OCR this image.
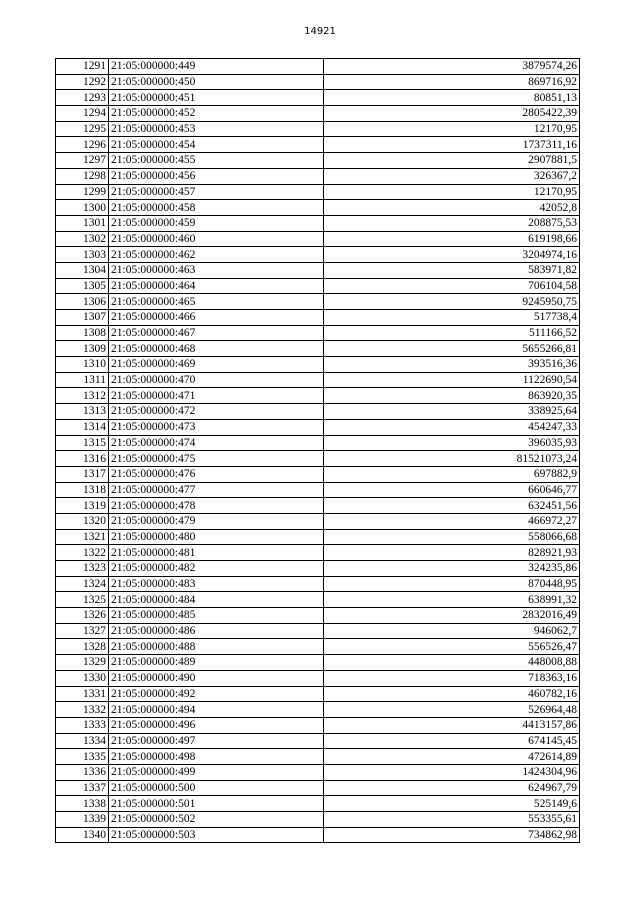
14921
1291	21:05:000000:449	3879574,26
1292	21:05:000000:450	869716,92
1293	21:05:000000:451	80851,13
1294	21:05:000000:452	2805422,39
1295	21:05:000000:453	12170,95
1296	21:05:000000:454	1737311,16
1297	21:05:000000:455	2907881,5
1298	21:05:000000:456	326367,2
1299	21:05:000000:457	12170,95
1300	21:05:000000:458	42052,8
1301	21:05:000000:459	208875,53
1302	21:05:000000:460	619198,66
1303	21:05:000000:462	3204974,16
1304	21:05:000000:463	583971,82
1305	21:05:000000:464	706104,58
1306	21:05:000000:465	9245950,75
1307	21:05:000000:466	517738,4
1308	21:05:000000:467	511166,52
1309	21:05:000000:468	5655266,81
1310	21:05:000000:469	393516,36
1311	21:05:000000:470	1122690,54
1312	21:05:000000:471	863920,35
1313	21:05:000000:472	338925,64
1314	21:05:000000:473	454247,33
1315	21:05:000000:474	396035,93
1316	21:05:000000:475	81521073,24
1317	21:05:000000:476	697882,9
1318	21:05:000000:477	660646,77
1319	21:05:000000:478	632451,56
1320	21:05:000000:479	466972,27
1321	21:05:000000:480	558066,68
1322	21:05:000000:481	828921,93
1323	21:05:000000:482	324235,86
1324	21:05:000000:483	870448,95
1325	21:05:000000:484	638991,32
1326	21:05:000000:485	2832016,49
1327	21:05:000000:486	946062,7
1328	21:05:000000:488	556526,47
1329	21:05:000000:489	448008,88
1330	21:05:000000:490	718363,16
1331	21:05:000000:492	460782,16
1332	21:05:000000:494	526964,48
1333	21:05:000000:496	4413157,86
1334	21:05:000000:497	674145,45
1335	21:05:000000:498	472614,89
1336	21:05:000000:499	1424304,96
1337	21:05:000000:500	624967,79
1338	21:05:000000:501	525149,6
1339	21:05:000000:502	553355,61
1340	21:05:000000:503	734862,98
